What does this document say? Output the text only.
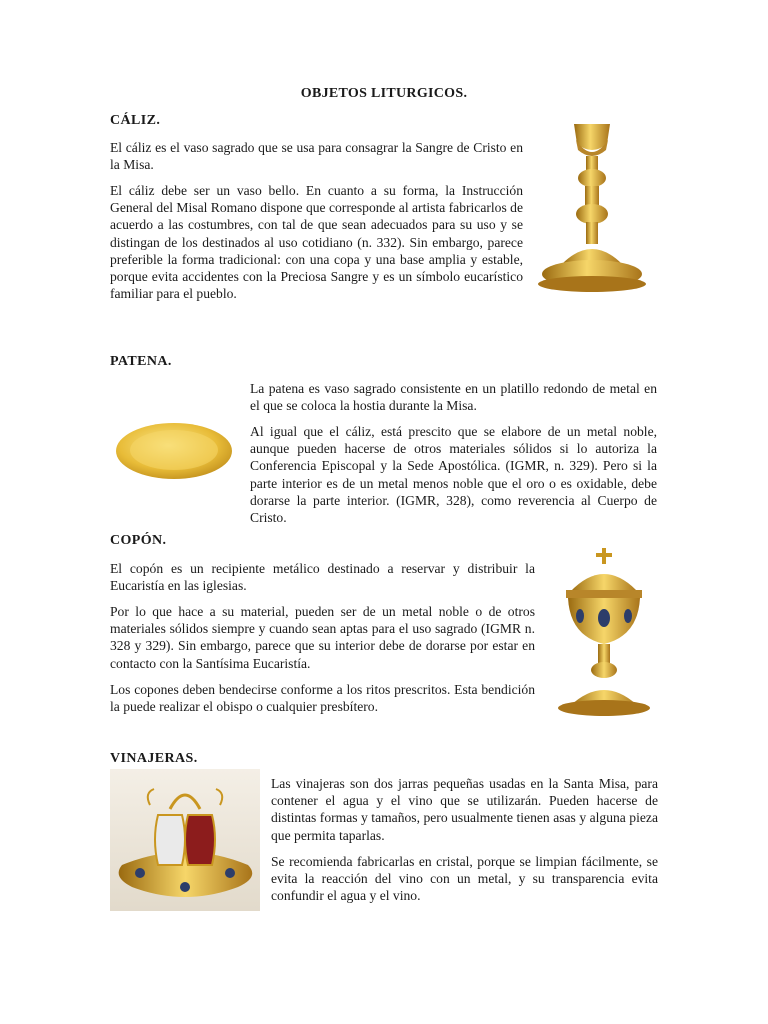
OBJETOS LITURGICOS.
CÁLIZ.

El cáliz es el vaso sagrado que se usa para consagrar la Sangre de Cristo en la Misa.

El cáliz debe ser un vaso bello. En cuanto a su forma, la Instrucción General del Misal Romano dispone que corresponde al artista fabricarlos de acuerdo a las costumbres, con tal de que sean adecuados para su uso y se distingan de los destinados al uso cotidiano (n. 332). Sin embargo, parece preferible la forma tradicional: con una copa y una base amplia y estable, porque evita accidentes con la Preciosa Sangre y es un símbolo eucarístico familiar para el pueblo.

PATENA.

La patena es vaso sagrado consistente en un platillo redondo de metal en el que se coloca la hostia durante la Misa.

Al igual que el cáliz, está prescito que se elabore de un metal noble, aunque pueden hacerse de otros materiales sólidos si lo autoriza la Conferencia Episcopal y la Sede Apostólica. (IGMR, n. 329). Pero si la parte interior es de un metal menos noble que el oro o es oxidable, debe dorarse la parte interior. (IGMR, 328), como reverencia al Cuerpo de Cristo.

COPÓN.

El copón es un recipiente metálico destinado a reservar y distribuir la Eucaristía en las iglesias.

Por lo que hace a su material, pueden ser de un metal noble o de otros materiales sólidos siempre y cuando sean aptas para el uso sagrado (IGMR n. 328 y 329). Sin embargo, parece que su interior debe de dorarse por estar en contacto con la Santísima Eucaristía.

Los copones deben bendecirse conforme a los ritos prescritos. Esta bendición la puede realizar el obispo o cualquier presbítero.

VINAJERAS.

Las vinajeras son dos jarras pequeñas usadas en la Santa Misa, para contener el agua y el vino que se utilizarán. Pueden hacerse de distintas formas y tamaños, pero usualmente tienen asas y alguna pieza que permita taparlas.

Se recomienda fabricarlas en cristal, porque se limpian fácilmente, se evita la reacción del vino con un metal, y su transparencia evita confundir el agua y el vino.
